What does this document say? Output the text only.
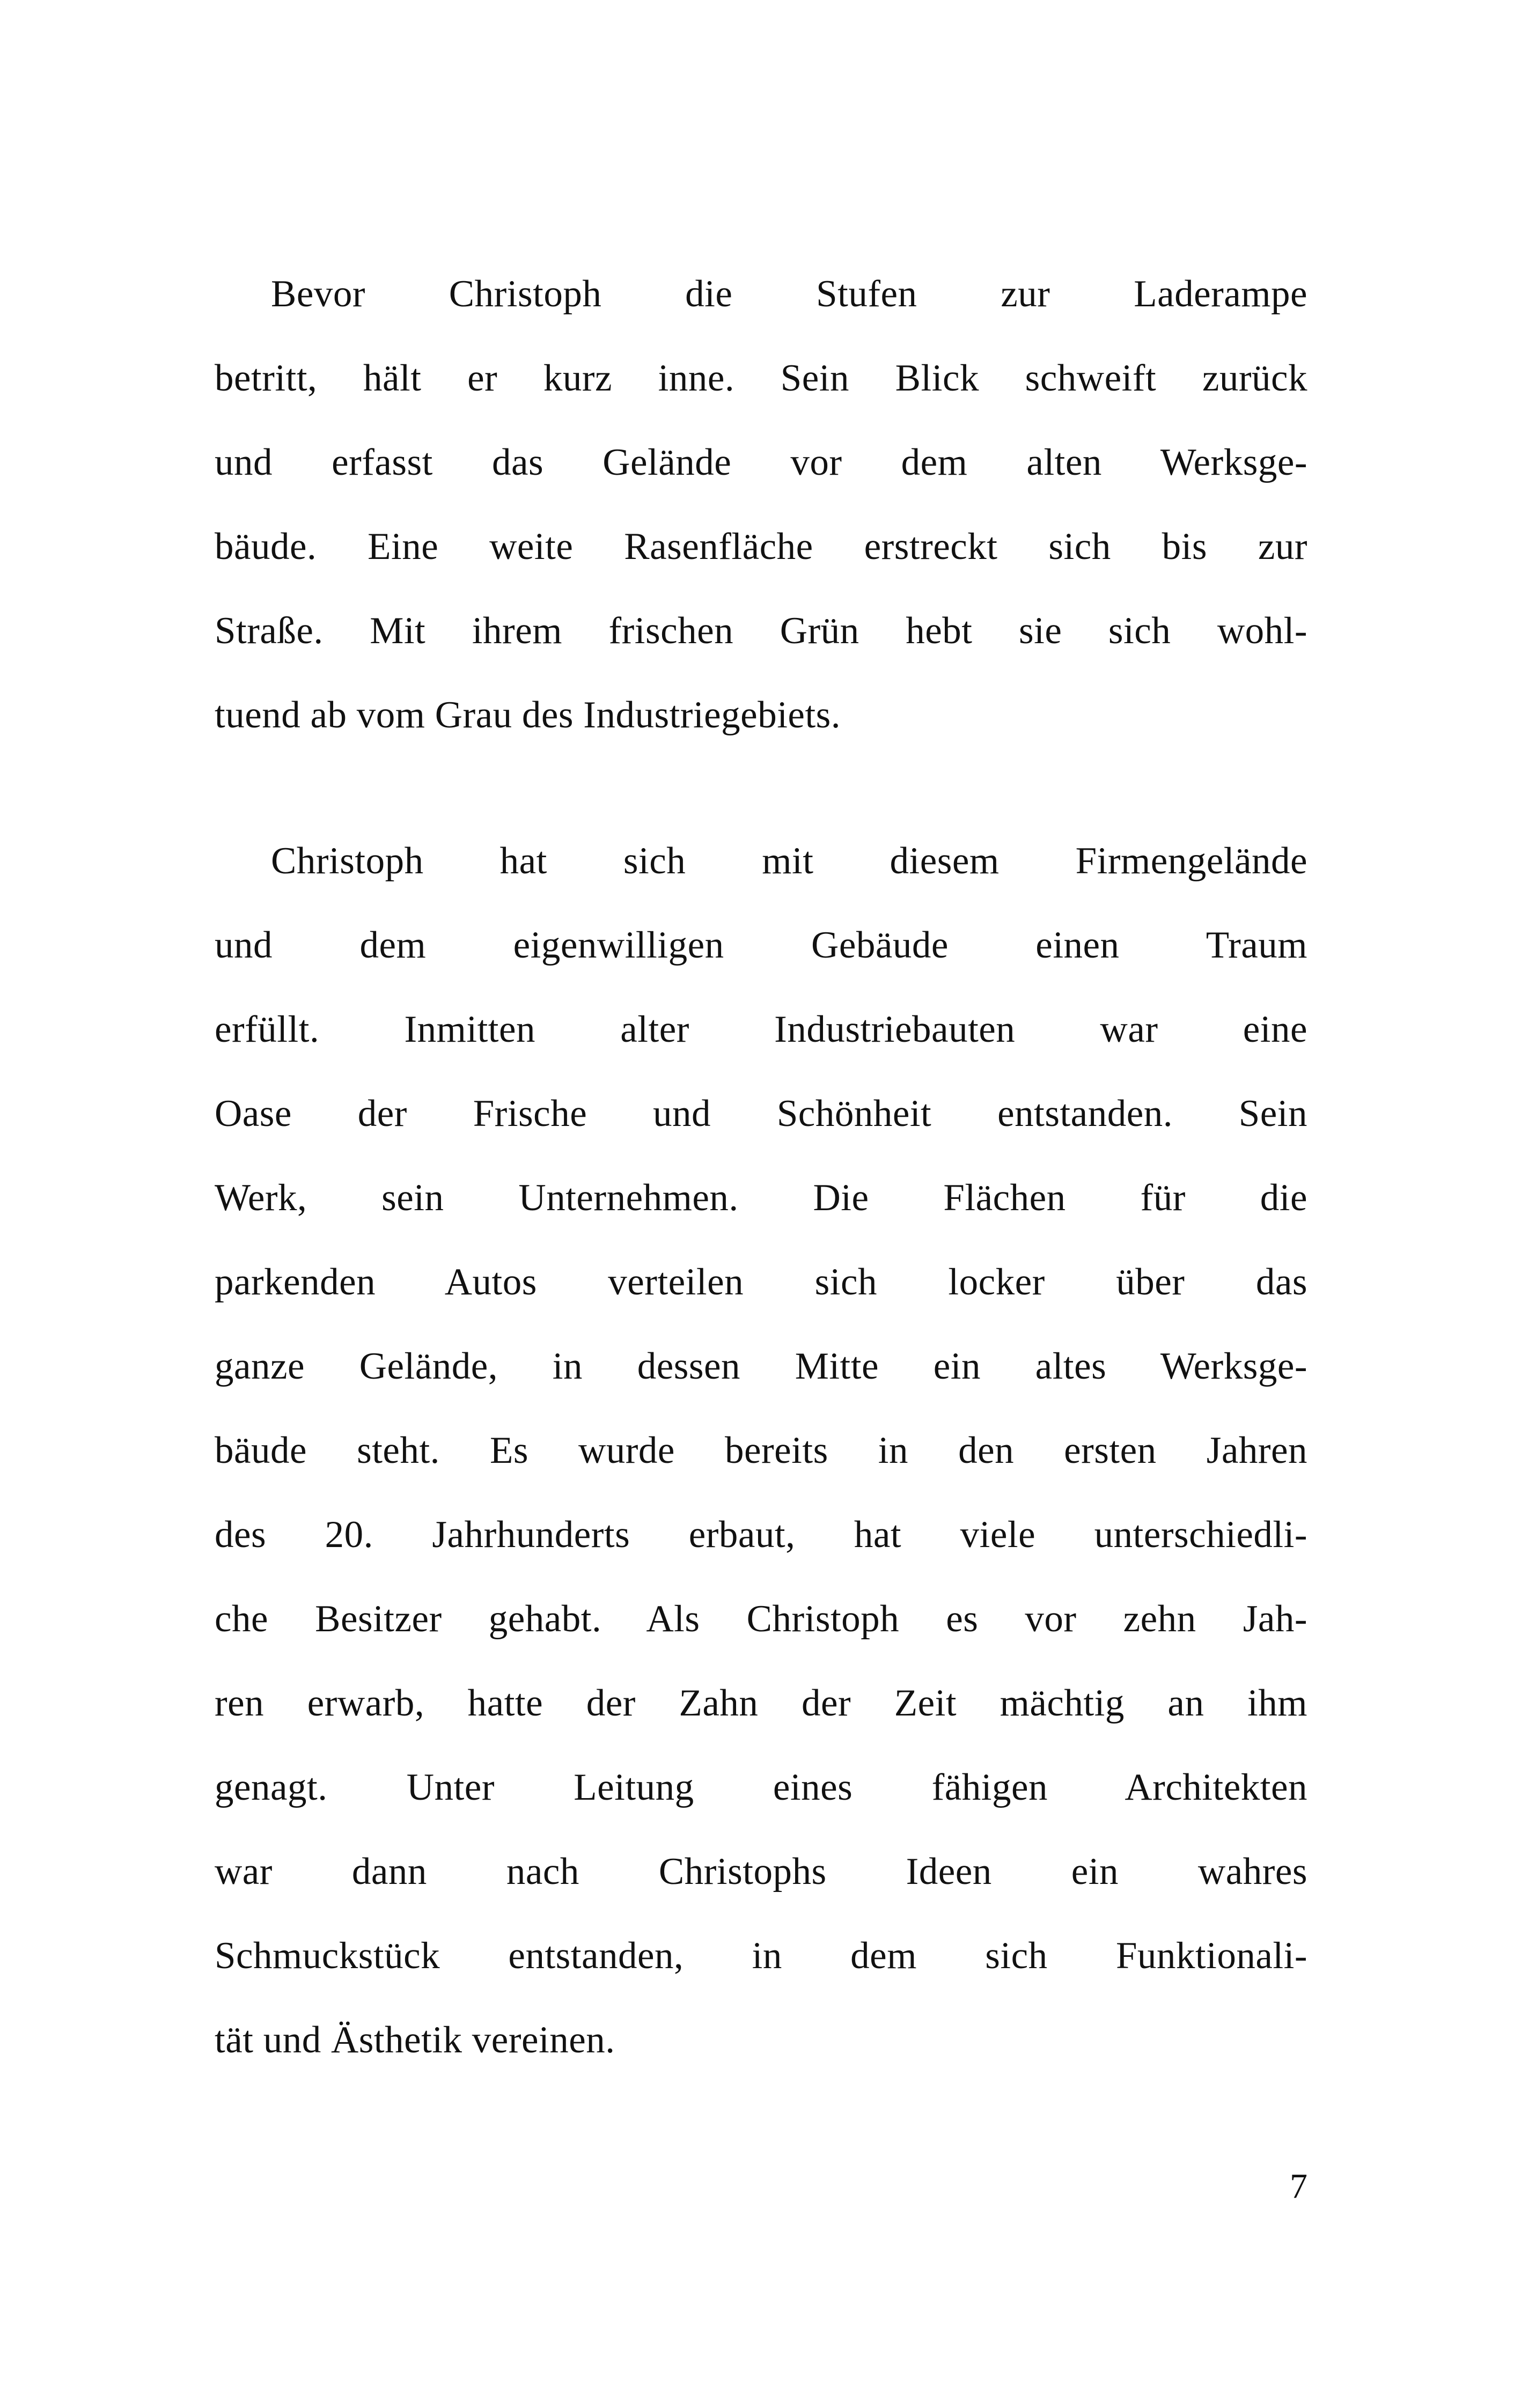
Bevor Christoph die Stufen zur Laderampe
betritt, hält er kurz inne. Sein Blick schweift zurück
und erfasst das Gelände vor dem alten Werksge-
bäude. Eine weite Rasenfläche erstreckt sich bis zur
Straße. Mit ihrem frischen Grün hebt sie sich wohl-
tuend ab vom Grau des Industriegebiets.
Christoph hat sich mit diesem Firmengelände
und dem eigenwilligen Gebäude einen Traum
erfüllt. Inmitten alter Industriebauten war eine
Oase der Frische und Schönheit entstanden. Sein
Werk, sein Unternehmen. Die Flächen für die
parkenden Autos verteilen sich locker über das
ganze Gelände, in dessen Mitte ein altes Werksge-
bäude steht. Es wurde bereits in den ersten Jahren
des 20. Jahrhunderts erbaut, hat viele unterschiedli-
che Besitzer gehabt. Als Christoph es vor zehn Jah-
ren erwarb, hatte der Zahn der Zeit mächtig an ihm
genagt. Unter Leitung eines fähigen Architekten
war dann nach Christophs Ideen ein wahres
Schmuckstück entstanden, in dem sich Funktionali-
tät und Ästhetik vereinen.
7
